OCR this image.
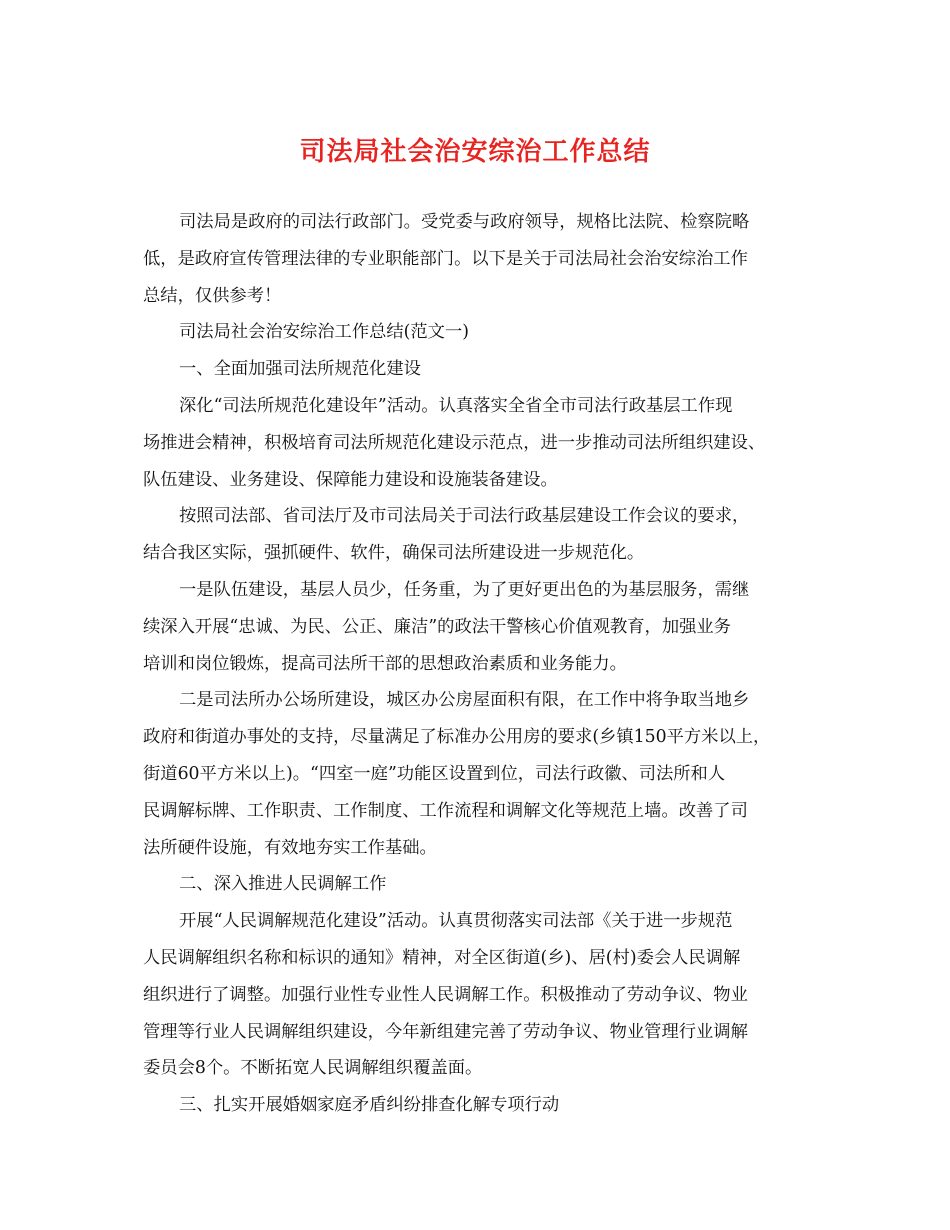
司法局社会治安综治工作总结

司法局是政府的司法行政部门。受党委与政府领导，规格比法院、检察院略

低，是政府宣传管理法律的专业职能部门。以下是关于司法局社会治安综治工作

总结，仅供参考！

司法局社会治安综治工作总结(范文一)

一、全面加强司法所规范化建设

深化“司法所规范化建设年”活动。认真落实全省全市司法行政基层工作现

场推进会精神，积极培育司法所规范化建设示范点，进一步推动司法所组织建设、

队伍建设、业务建设、保障能力建设和设施装备建设。

按照司法部、省司法厅及市司法局关于司法行政基层建设工作会议的要求，

结合我区实际，强抓硬件、软件，确保司法所建设进一步规范化。

一是队伍建设，基层人员少，任务重，为了更好更出色的为基层服务，需继

续深入开展“忠诚、为民、公正、廉洁”的政法干警核心价值观教育，加强业务

培训和岗位锻炼，提高司法所干部的思想政治素质和业务能力。

二是司法所办公场所建设，城区办公房屋面积有限，在工作中将争取当地乡

政府和街道办事处的支持，尽量满足了标准办公用房的要求(乡镇150平方米以上，

街道60平方米以上)。“四室一庭”功能区设置到位，司法行政徽、司法所和人

民调解标牌、工作职责、工作制度、工作流程和调解文化等规范上墙。改善了司

法所硬件设施，有效地夯实工作基础。

二、深入推进人民调解工作

开展“人民调解规范化建设”活动。认真贯彻落实司法部《关于进一步规范

人民调解组织名称和标识的通知》精神，对全区街道(乡)、居(村)委会人民调解

组织进行了调整。加强行业性专业性人民调解工作。积极推动了劳动争议、物业

管理等行业人民调解组织建设，今年新组建完善了劳动争议、物业管理行业调解

委员会8个。不断拓宽人民调解组织覆盖面。

三、扎实开展婚姻家庭矛盾纠纷排查化解专项行动
